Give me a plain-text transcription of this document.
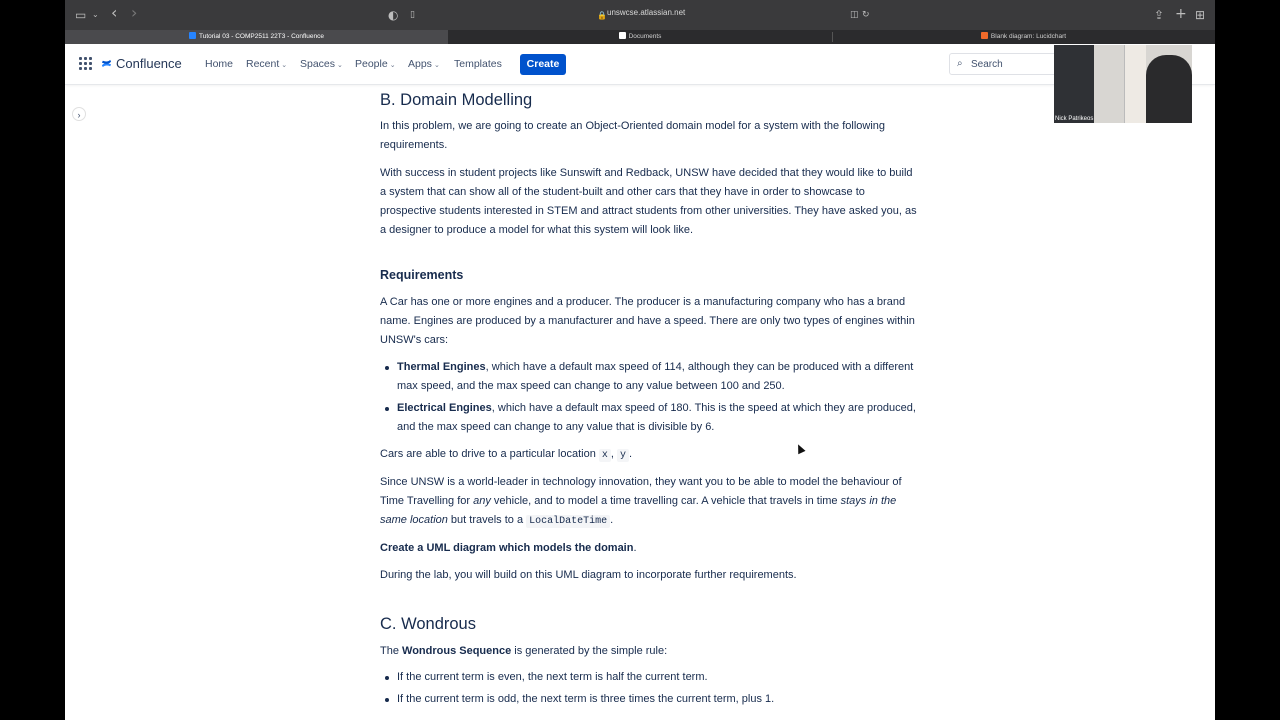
▭ ⌄ ‹ ›	◐ ▯	🔒 unswcse.atlassian.net	◫ ↻	⇪ + ⊞
Tutorial 03 - COMP2511 22T3 - Confluence	Documents	Blank diagram: Lucidchart
Confluence Home Recent ⌄ Spaces ⌄ People ⌄ Apps ⌄ Templates	Create	⌕
Search
›	Nick Patrikeos
B. Domain Modelling

In this problem, we are going to create an Object-Oriented domain model for a system with the following requirements.

With success in student projects like Sunswift and Redback, UNSW have decided that they would like to build a system that can show all of the student-built and other cars that they have in order to showcase to prospective students interested in STEM and attract students from other universities. They have asked you, as a designer to produce a model for what this system will look like.

Requirements

A Car has one or more engines and a producer. The producer is a manufacturing company who has a brand name. Engines are produced by a manufacturer and have a speed. There are only two types of engines within UNSW's cars:

Thermal Engines, which have a default max speed of 114, although they can be produced with a different max speed, and the max speed can change to any value between 100 and 250.
Electrical Engines, which have a default max speed of 180. This is the speed at which they are produced, and the max speed can change to any value that is divisible by 6.

Cars are able to drive to a particular location x , y .

Since UNSW is a world-leader in technology innovation, they want you to be able to model the behaviour of Time Travelling for any vehicle, and to model a time travelling car. A vehicle that travels in time stays in the same location but travels to a LocalDateTime .

Create a UML diagram which models the domain.

During the lab, you will build on this UML diagram to incorporate further requirements.

C. Wondrous

The Wondrous Sequence is generated by the simple rule:

If the current term is even, the next term is half the current term.
If the current term is odd, the next term is three times the current term, plus 1.
